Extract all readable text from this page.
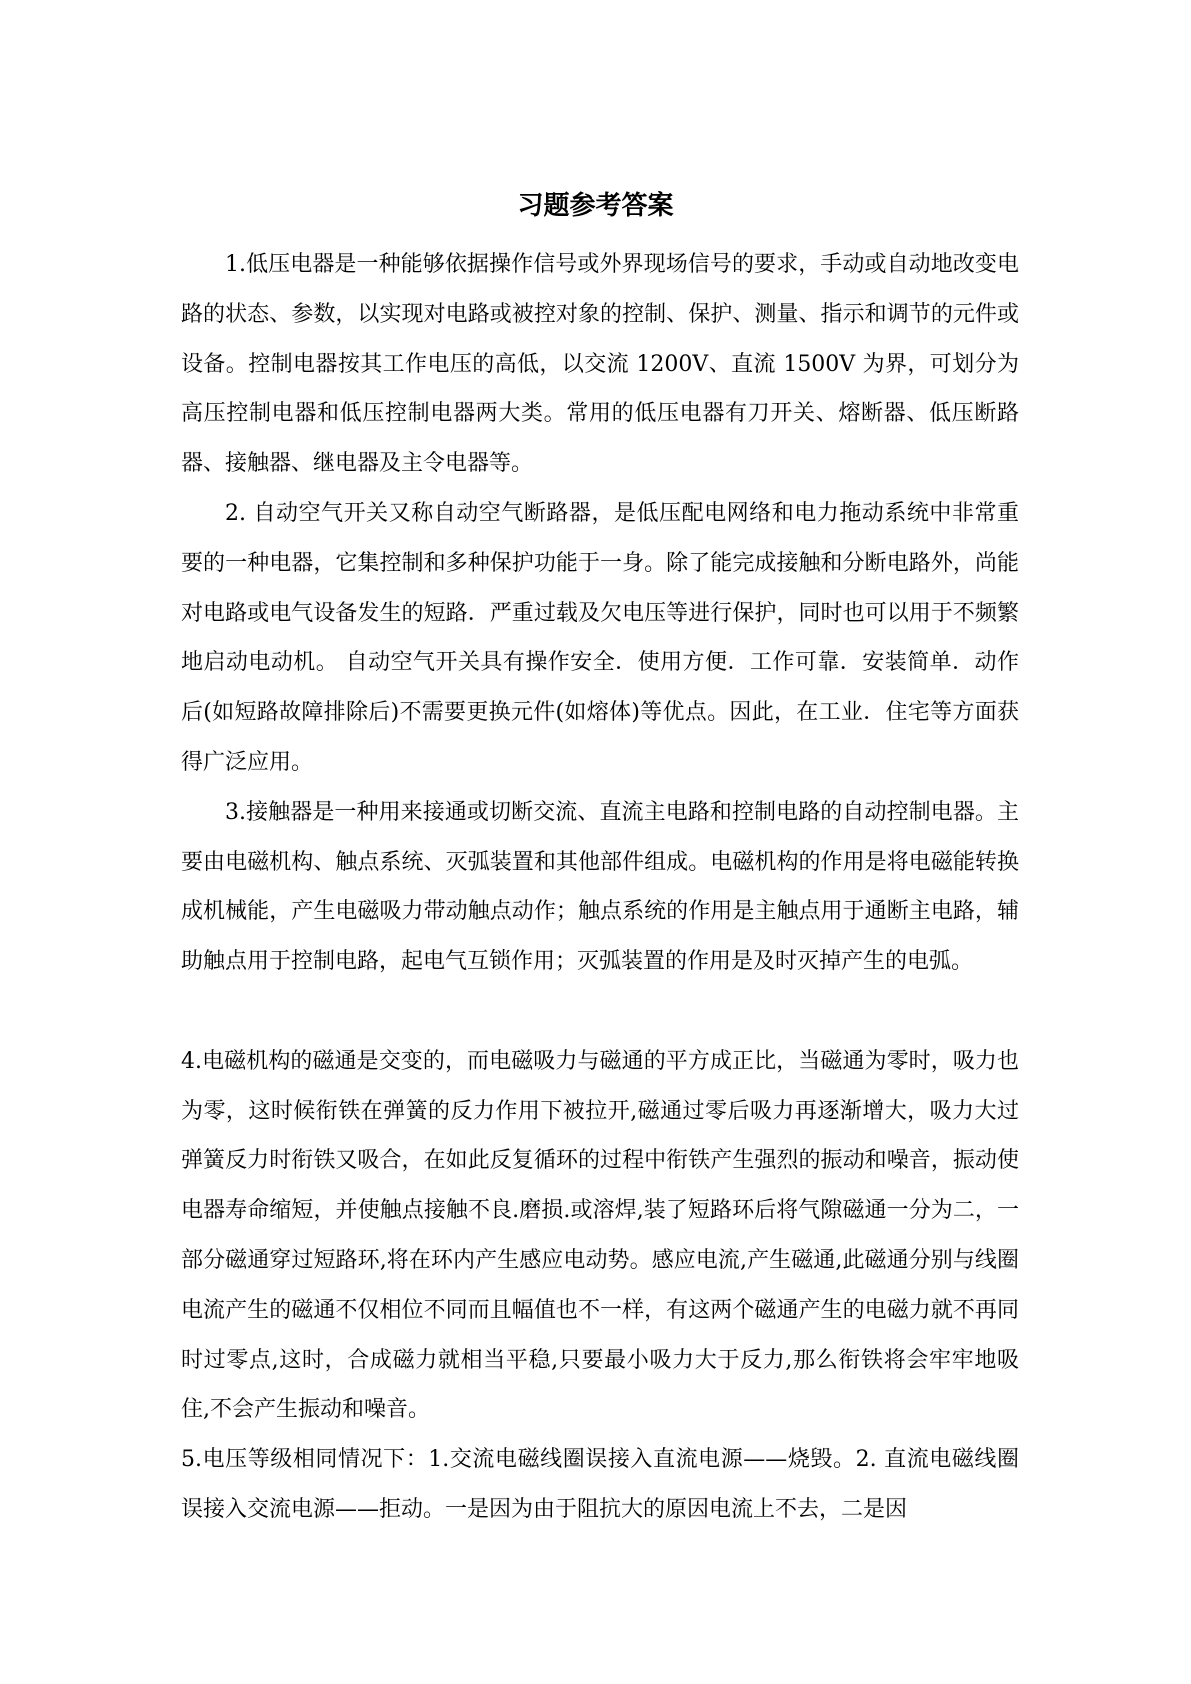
习题参考答案

1.低压电器是一种能够依据操作信号或外界现场信号的要求，手动或自动地改变电路的状态、参数，以实现对电路或被控对象的控制、保护、测量、指示和调节的元件或设备。控制电器按其工作电压的高低，以交流 1200V、直流 1500V 为界，可划分为高压控制电器和低压控制电器两大类。常用的低压电器有刀开关、熔断器、低压断路器、接触器、继电器及主令电器等。

2. 自动空气开关又称自动空气断路器，是低压配电网络和电力拖动系统中非常重要的一种电器，它集控制和多种保护功能于一身。除了能完成接触和分断电路外，尚能对电路或电气设备发生的短路．严重过载及欠电压等进行保护，同时也可以用于不频繁地启动电动机。 自动空气开关具有操作安全．使用方便．工作可靠．安装简单．动作后(如短路故障排除后)不需要更换元件(如熔体)等优点。因此，在工业．住宅等方面获得广泛应用。

3.接触器是一种用来接通或切断交流、直流主电路和控制电路的自动控制电器。主要由电磁机构、触点系统、灭弧装置和其他部件组成。电磁机构的作用是将电磁能转换成机械能，产生电磁吸力带动触点动作；触点系统的作用是主触点用于通断主电路，辅助触点用于控制电路，起电气互锁作用；灭弧装置的作用是及时灭掉产生的电弧。

4.电磁机构的磁通是交变的，而电磁吸力与磁通的平方成正比，当磁通为零时，吸力也为零，这时候衔铁在弹簧的反力作用下被拉开,磁通过零后吸力再逐渐增大，吸力大过弹簧反力时衔铁又吸合，在如此反复循环的过程中衔铁产生强烈的振动和噪音，振动使电器寿命缩短，并使触点接触不良.磨损.或溶焊,装了短路环后将气隙磁通一分为二，一部分磁通穿过短路环,将在环内产生感应电动势。感应电流,产生磁通,此磁通分别与线圈电流产生的磁通不仅相位不同而且幅值也不一样，有这两个磁通产生的电磁力就不再同时过零点,这时，合成磁力就相当平稳,只要最小吸力大于反力,那么衔铁将会牢牢地吸住,不会产生振动和噪音。

5.电压等级相同情况下：1.交流电磁线圈误接入直流电源——烧毁。2. 直流电磁线圈误接入交流电源——拒动。一是因为由于阻抗大的原因电流上不去，二是因
